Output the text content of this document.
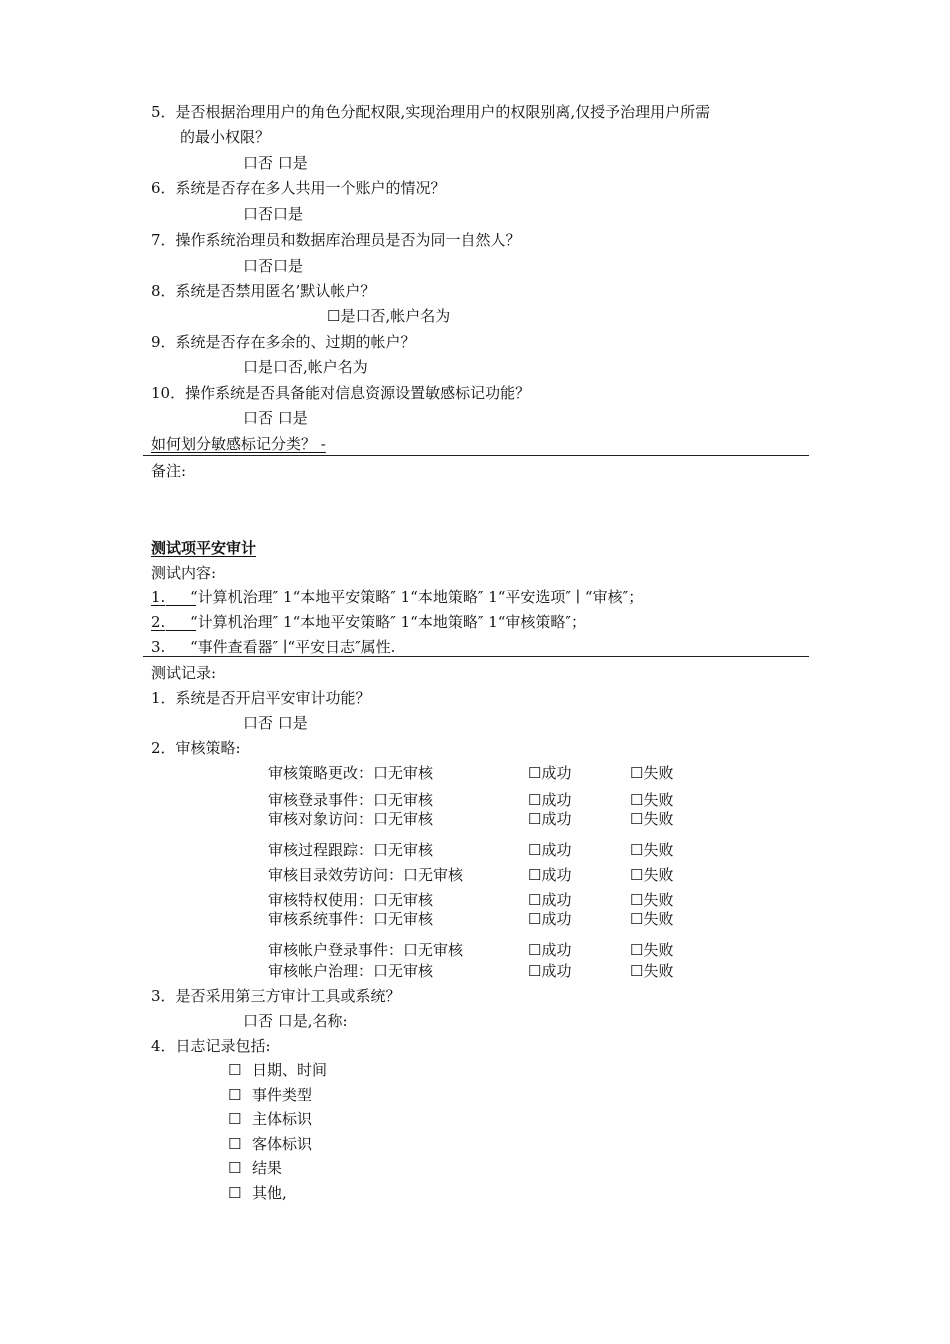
5．是否根据治理用户的角色分配权限,实现治理用户的权限别离,仅授予治理用户所需
的最小权限？
口否 口是
6．系统是否存在多人共用一个账户的情况？
口否口是
7．操作系统治理员和数据库治理员是否为同一自然人？
口否口是
8．系统是否禁用匿名’默认帐户？
☐是口否,帐户名为
9．系统是否存在多余的、过期的帐户？
口是口否,帐户名为
10．操作系统是否具备能对信息资源设置敏感标记功能？
口否 口是
如何划分敏感标记分类？ -
备注:
测试项平安审计
测试内容:
1.
   “计算机治理″ 1“本地平安策略″ 1“本地策略″ 1“平安选项″ ∣ “审核″；
2.
   “计算机治理″ 1“本地平安策略″ 1“本地策略″ 1“审核策略″；
3. “事件查看器″ ∣“平安日志″属性.
测试记录:
1．系统是否开启平安审计功能？
口否 口是
2．审核策略:
审核策略更改：口无审核	☐成功	☐失败
审核登录事件：口无审核	☐成功	☐失败
审核对象访问：口无审核	☐成功	☐失败
审核过程跟踪：口无审核	☐成功	☐失败
审核目录效劳访问：口无审核	☐成功	☐失败
审核特权使用：口无审核	☐成功	☐失败
审核系统事件：口无审核	☐成功	☐失败
审核帐户登录事件：口无审核	☐成功	☐失败
审核帐户治理：口无审核	☐成功	☐失败
3．是否采用第三方审计工具或系统？
口否 口是,名称:
4．日志记录包括:
☐ 日期、时间
☐ 事件类型
☐ 主体标识
☐ 客体标识
☐ 结果
☐ 其他,
